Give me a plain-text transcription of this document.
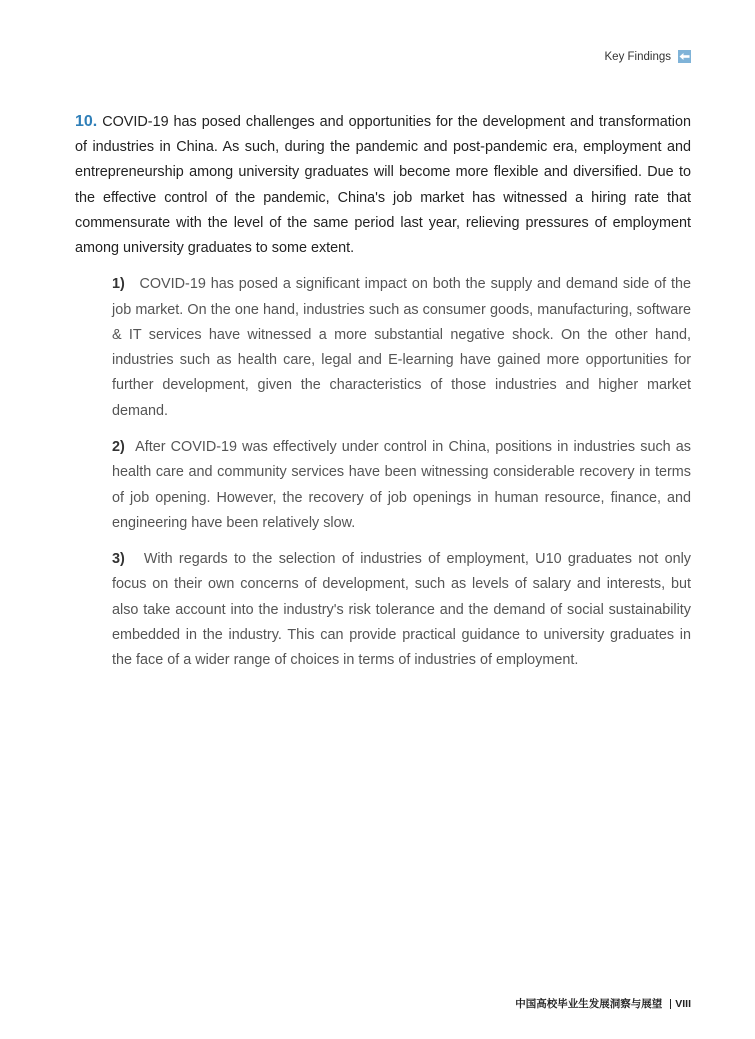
Key Findings

10. COVID-19 has posed challenges and opportunities for the development and transformation of industries in China. As such, during the pandemic and post-pandemic era, employment and entrepreneurship among university graduates will become more flexible and diversified. Due to the effective control of the pandemic, China's job market has witnessed a hiring rate that commensurate with the level of the same period last year, relieving pressures of employment among university graduates to some extent.

1) COVID-19 has posed a significant impact on both the supply and demand side of the job market. On the one hand, industries such as consumer goods, manufacturing, software & IT services have witnessed a more substantial negative shock. On the other hand, industries such as health care, legal and E-learning have gained more opportunities for further development, given the characteristics of those industries and higher market demand.
2) After COVID-19 was effectively under control in China, positions in industries such as health care and community services have been witnessing considerable recovery in terms of job opening. However, the recovery of job openings in human resource, finance, and engineering have been relatively slow.
3) With regards to the selection of industries of employment, U10 graduates not only focus on their own concerns of development, such as levels of salary and interests, but also take account into the industry's risk tolerance and the demand of social sustainability embedded in the industry. This can provide practical guidance to university graduates in the face of a wider range of choices in terms of industries of employment.
中国高校毕业生发展洞察与展望 VIII
